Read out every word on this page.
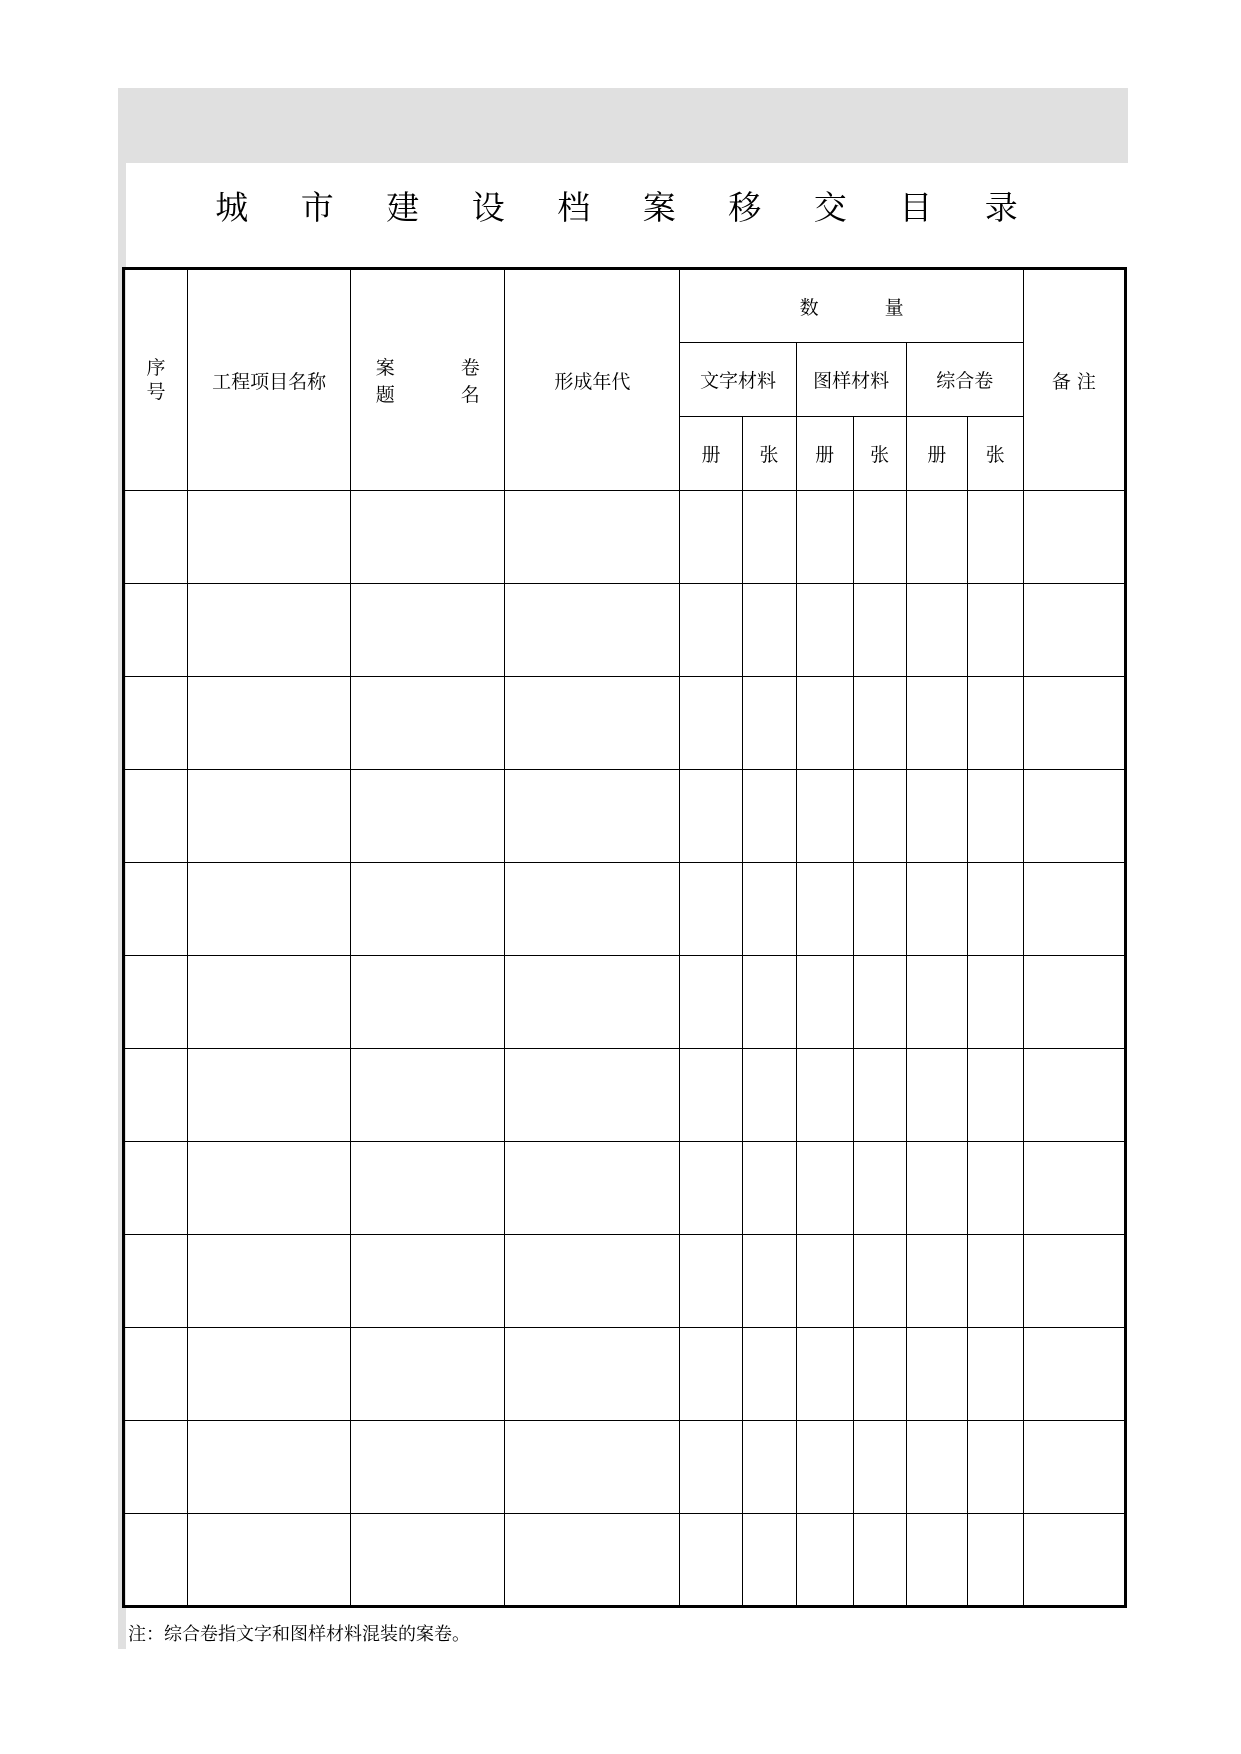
城 市 建 设 档 案 移 交 目 录
序
号	工程项目名称	案 卷 题 名	形成年代	数 量						备 注
				文字材料		图样材料		综合卷		
				册	张	册	张	册	张	

注：综合卷指文字和图样材料混装的案卷。
